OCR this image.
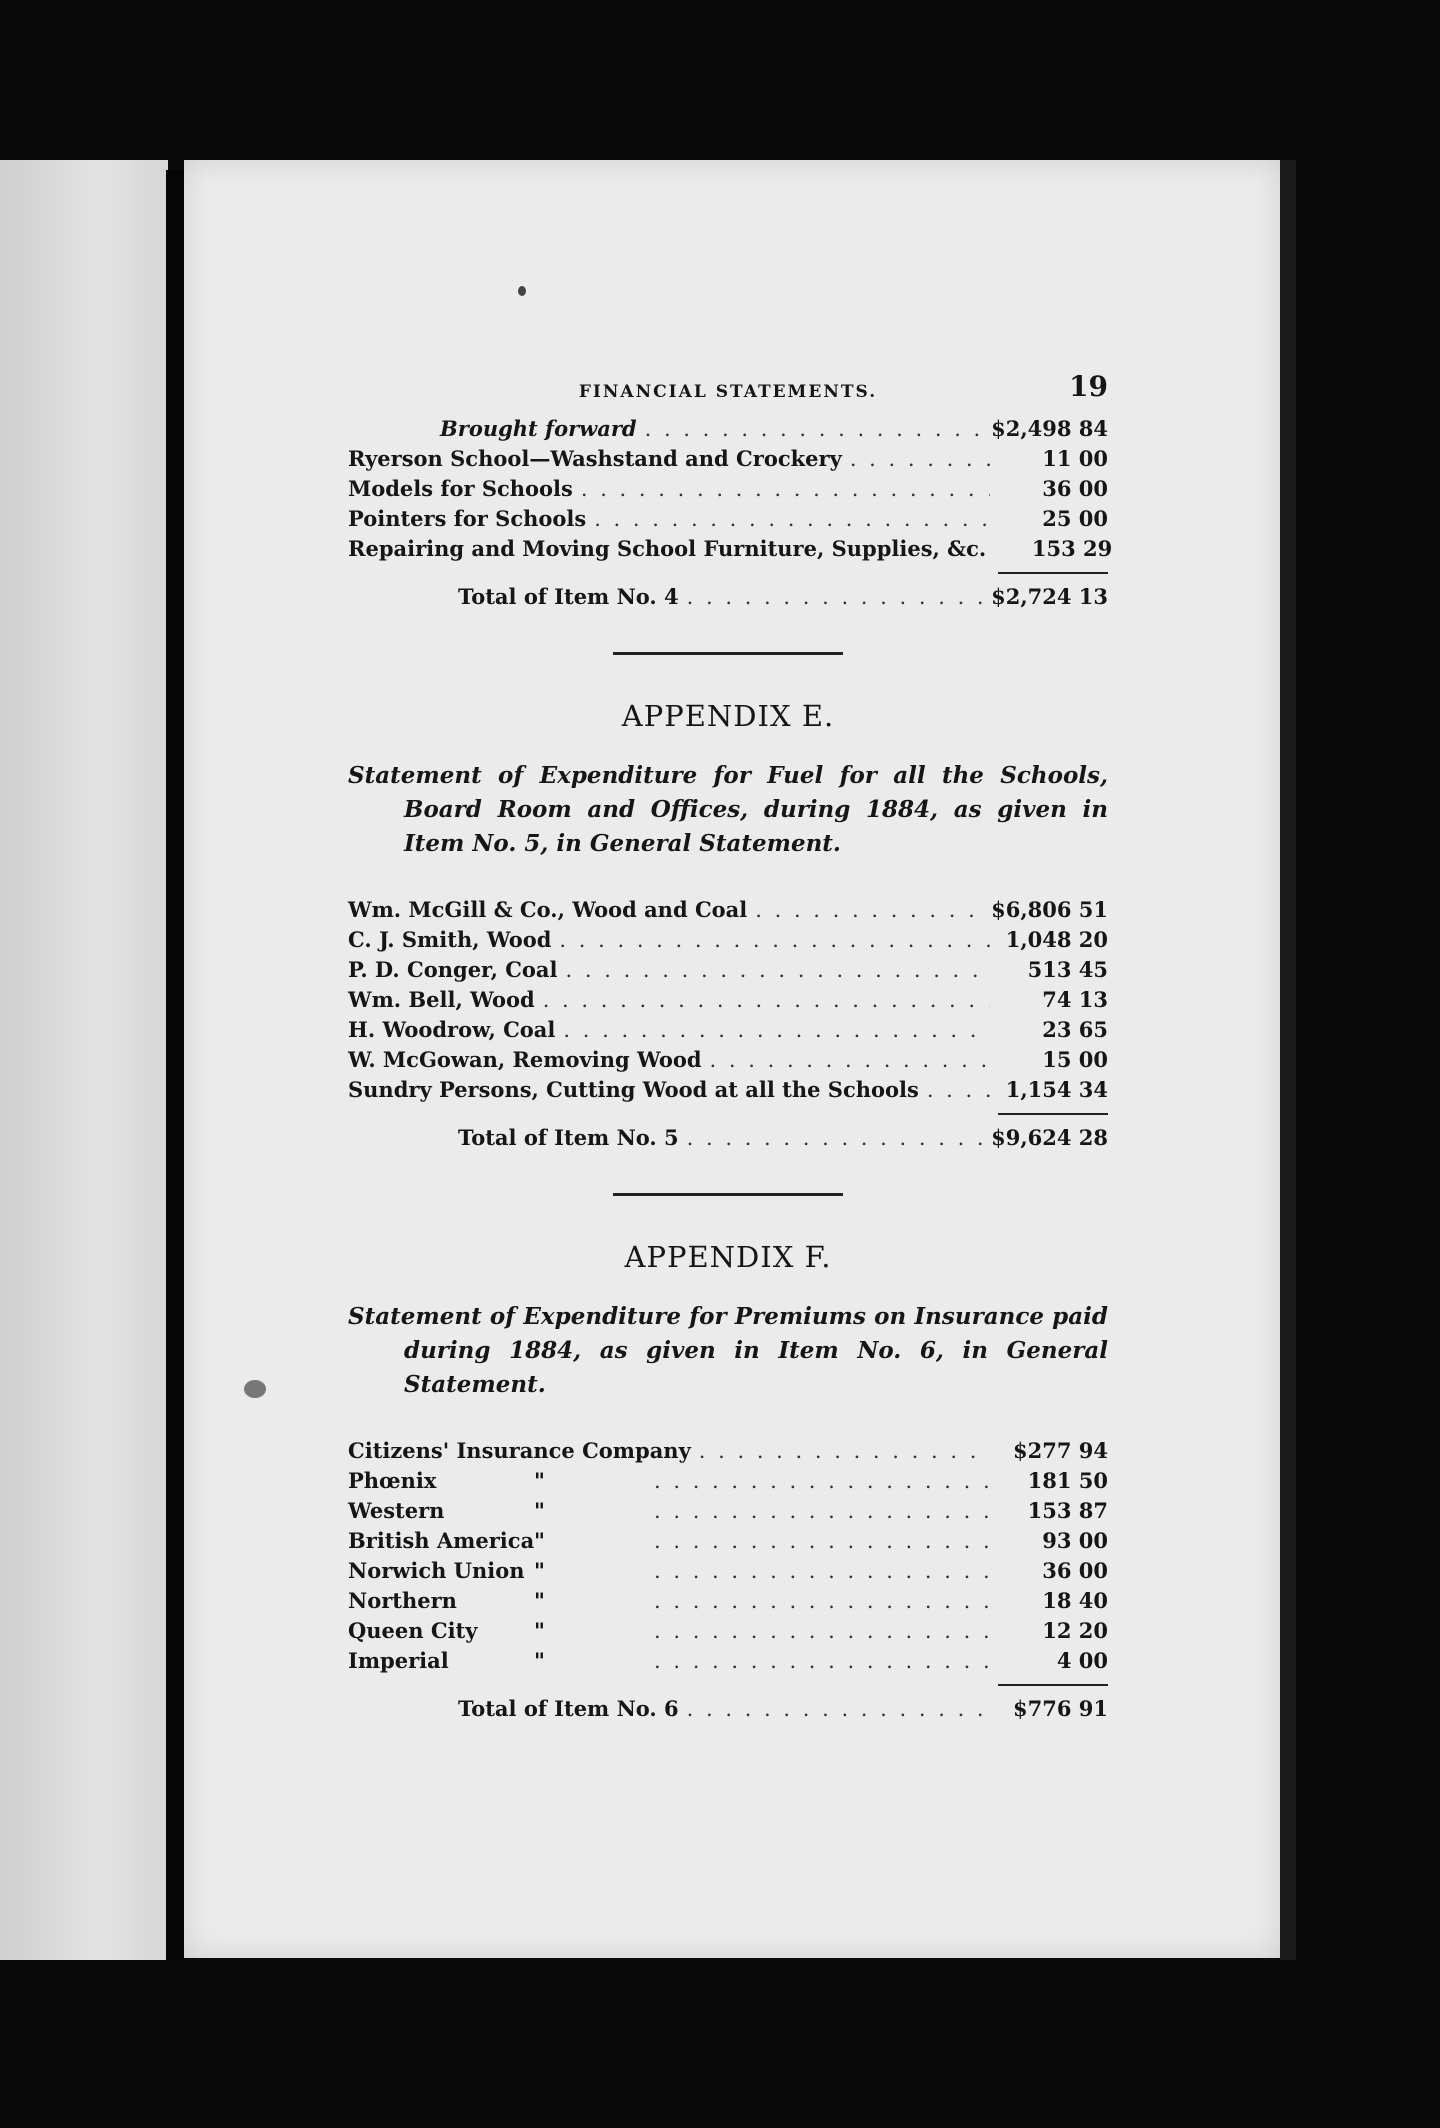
FINANCIAL STATEMENTS.	19
Brought forward . . .	$2,498 84
Ryerson School—Washstand and Crockery . . .	11 00
Models for Schools . . .	36 00
Pointers for Schools . . .	25 00
Repairing and Moving School Furniture, Supplies, &c.	153 29
Total of Item No. 4 . . .	$2,724 13
APPENDIX E.
Statement of Expenditure for Fuel for all the Schools, Board Room and Offices, during 1884, as given in Item No. 5, in General Statement.
Wm. McGill & Co., Wood and Coal . . .	$6,806 51
C. J. Smith, Wood . . .	1,048 20
P. D. Conger, Coal . . .	513 45
Wm. Bell, Wood . . .	74 13
H. Woodrow, Coal . . .	23 65
W. McGowan, Removing Wood . . .	15 00
Sundry Persons, Cutting Wood at all the Schools . . .	1,154 34
Total of Item No. 5 . . .	$9,624 28
APPENDIX F.
Statement of Expenditure for Premiums on Insurance paid during 1884, as given in Item No. 6, in General Statement.
Citizens' Insurance Company . . .	$277 94
Phœnix	" . . .	181 50
Western	" . . .	153 87
British America" . . .	93 00
Norwich Union " . . .	36 00
Northern	" . . .	18 40
Queen City	" . . .	12 20
Imperial	" . . .	4 00
Total of Item No. 6 . . .	$776 91
